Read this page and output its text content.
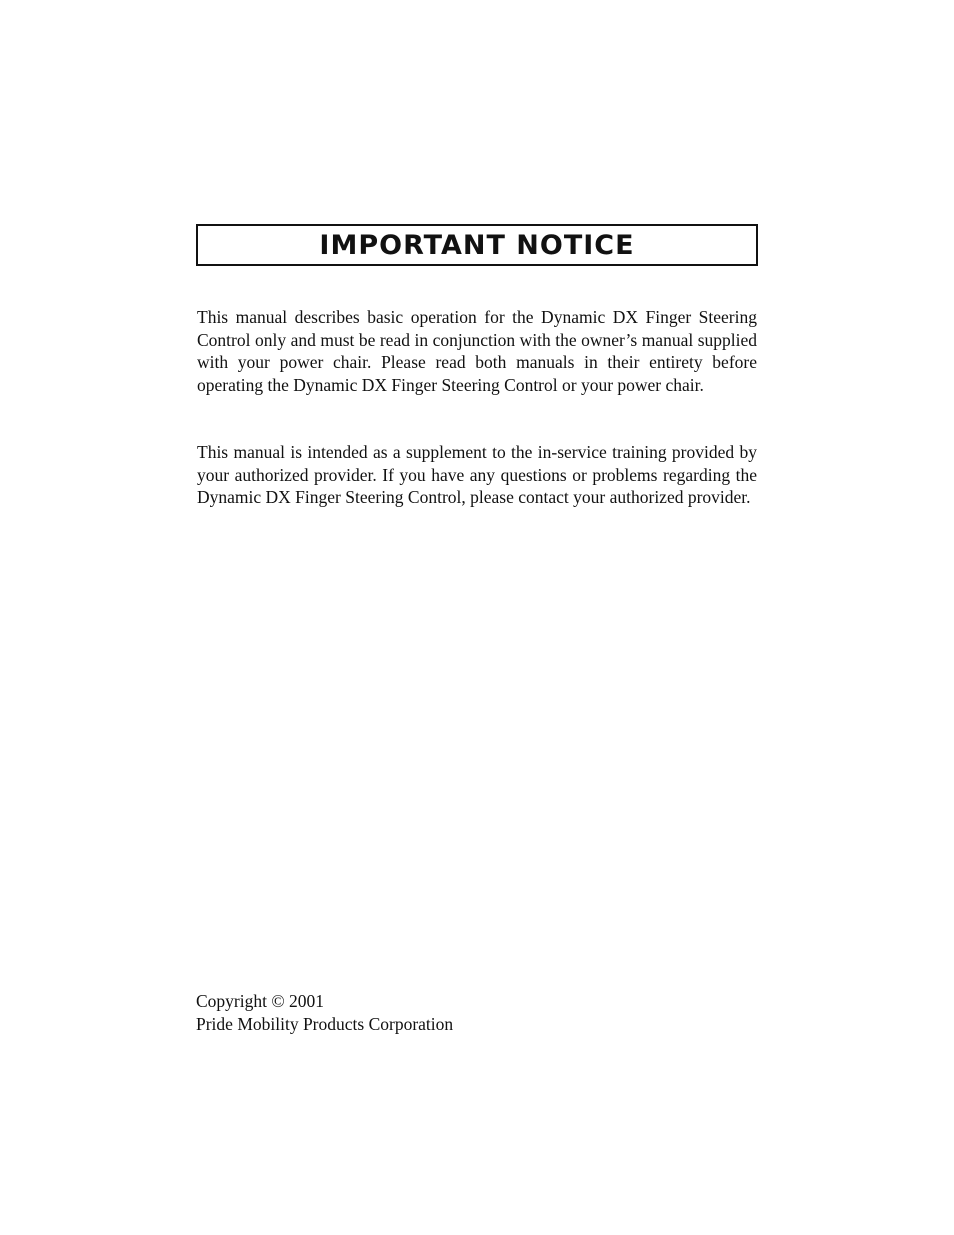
IMPORTANT NOTICE

This manual describes basic operation for the Dynamic DX Finger Steering Control only and must be read in conjunction with the owner’s manual supplied with your power chair. Please read both manuals in their entirety before operating the Dynamic DX Finger Steering Control or your power chair.

This manual is intended as a supplement to the in-service training provided by your authorized provider. If you have any questions or problems regarding the Dynamic DX Finger Steering Control, please contact your authorized provider.

Copyright © 2001
Pride Mobility Products Corporation
